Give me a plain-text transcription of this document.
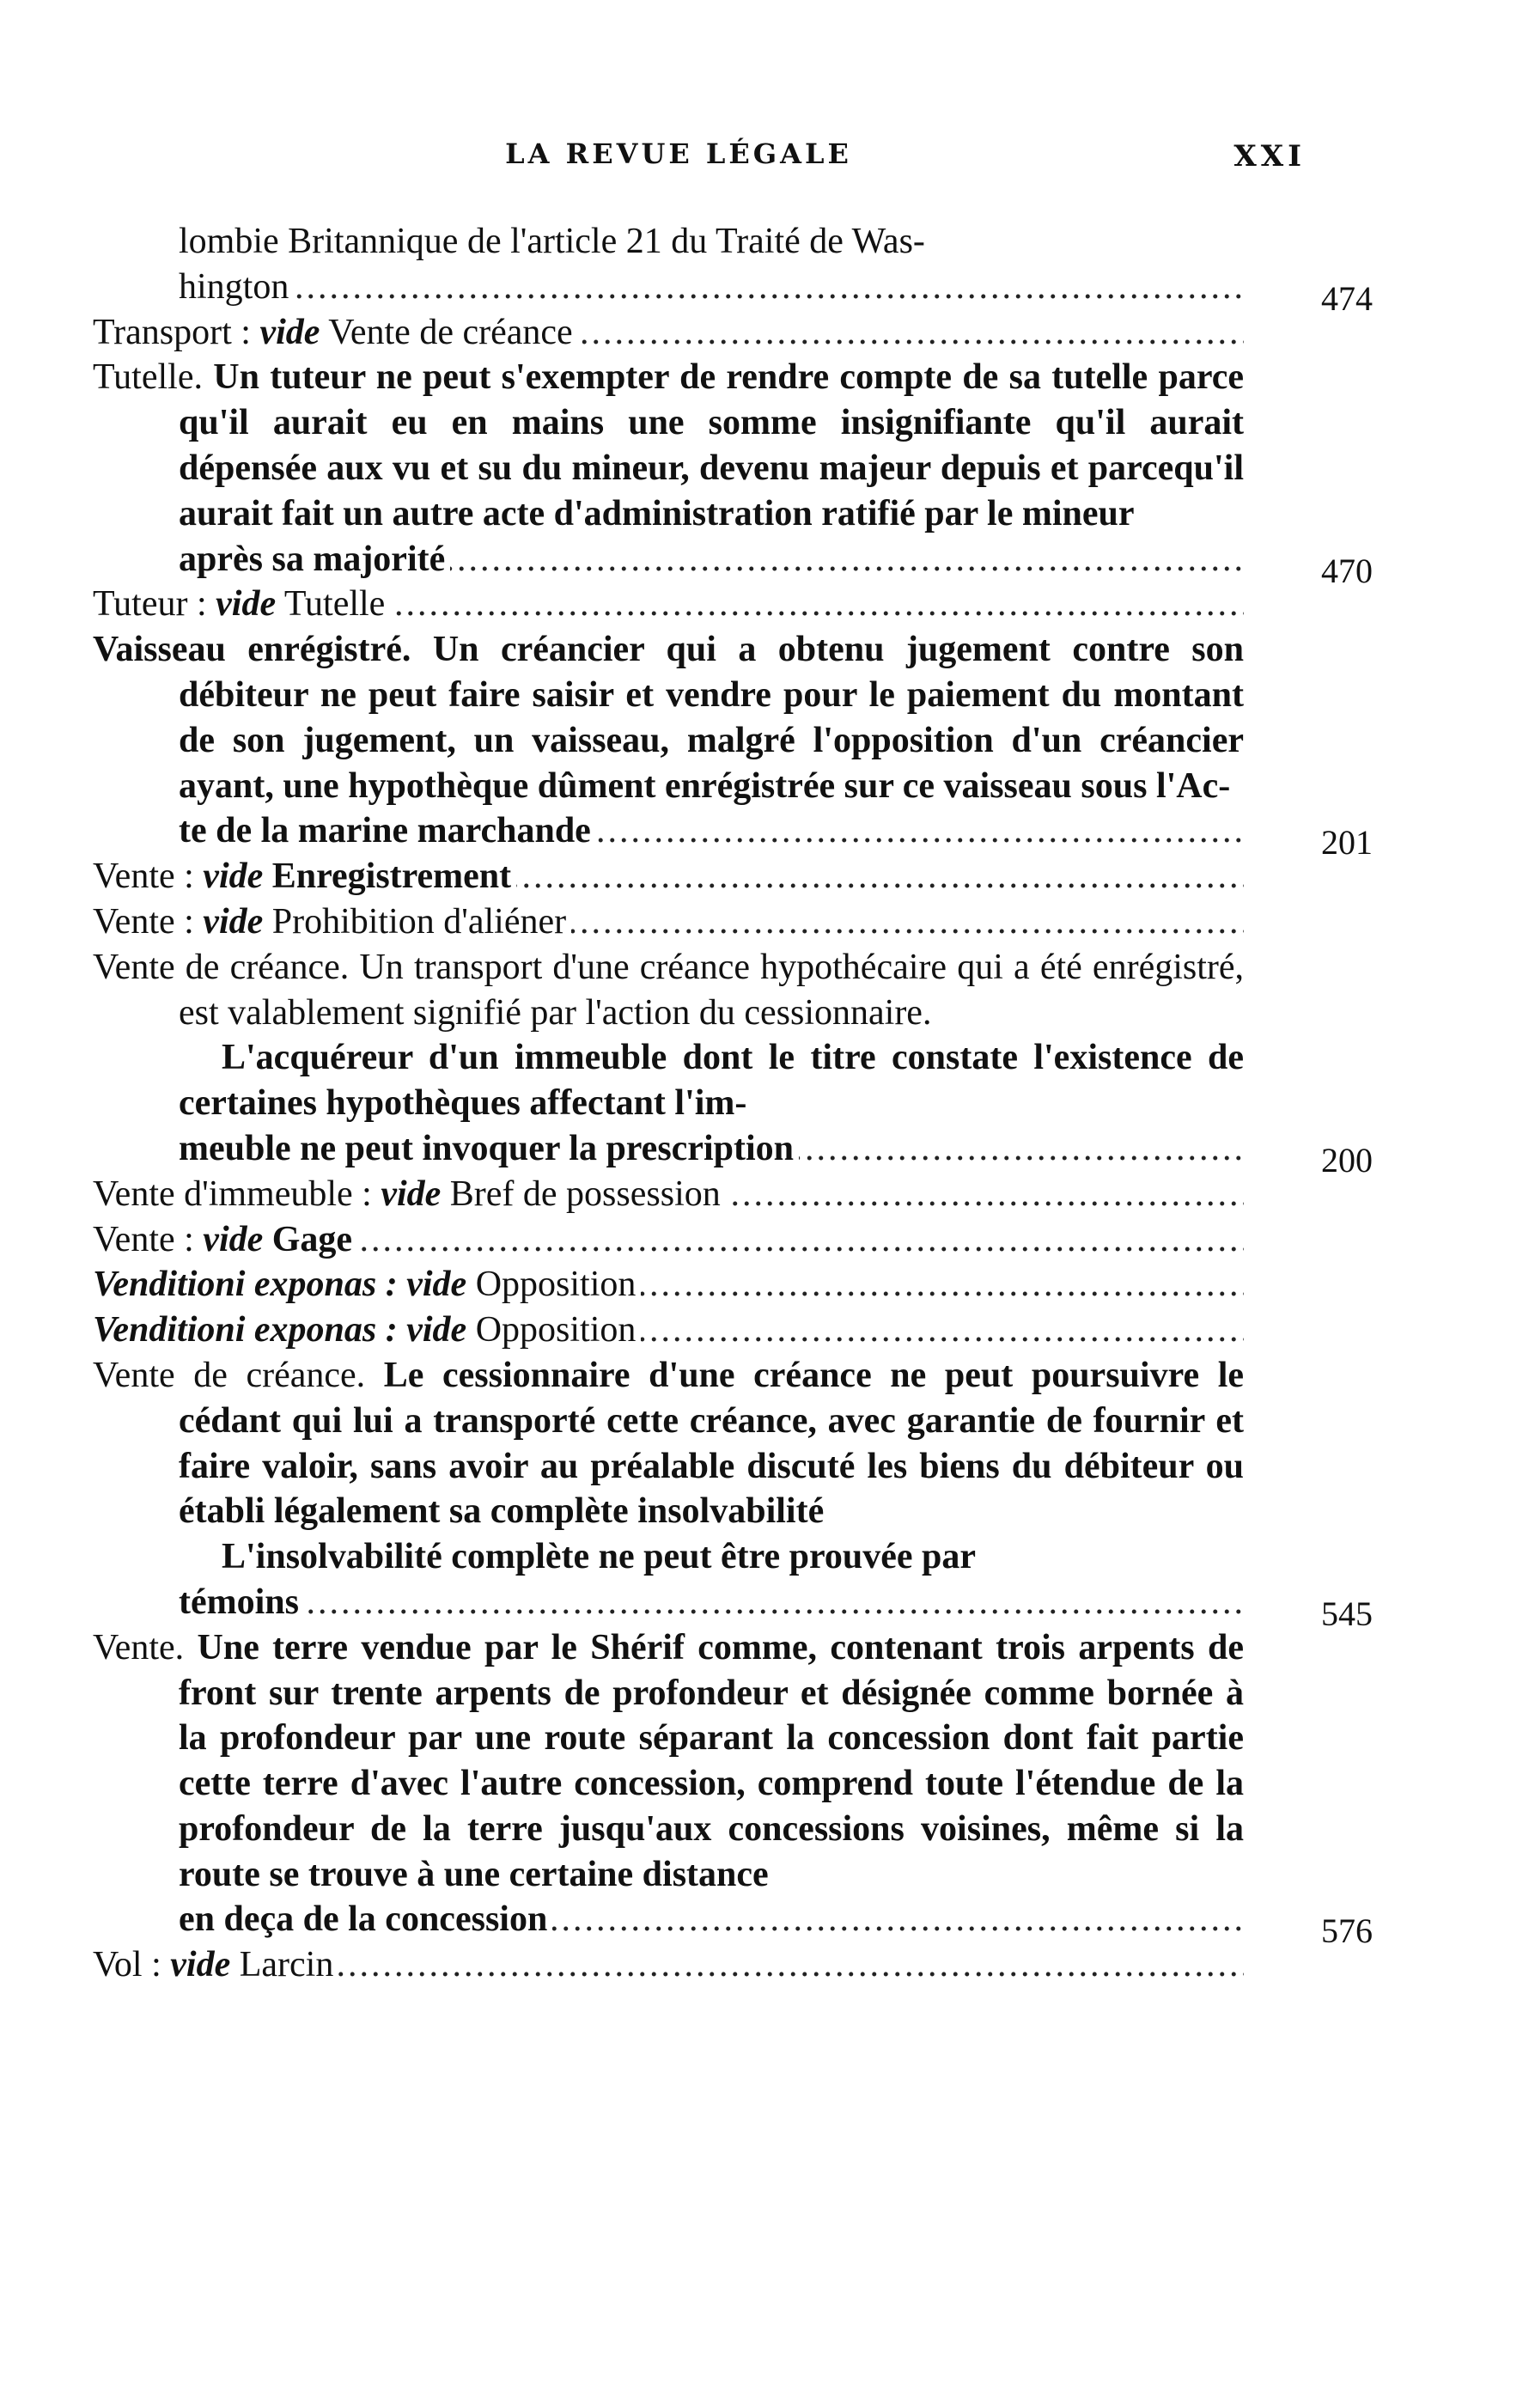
LA REVUE LÉGALE	XXI
lombie Britannique de l'article 21 du Traité de Was-
hington .....	474
Transport : vide Vente de créance .....
Tutelle. Un tuteur ne peut s'exempter de rendre compte de sa tutelle parce qu'il aurait eu en mains une somme insignifiante qu'il aurait dépensée aux vu et su du mineur, devenu majeur depuis et parcequ'il aurait fait un autre acte d'administration ratifié par le mineur
après sa majorité .....	470
Tuteur : vide Tutelle .....
Vaisseau enrégistré. Un créancier qui a obtenu jugement contre son débiteur ne peut faire saisir et vendre pour le paiement du montant de son jugement, un vaisseau, malgré l'opposition d'un créancier ayant, une hypothèque dûment enrégistrée sur ce vaisseau sous l'Ac-
te de la marine marchande .....	201
Vente : vide Enregistrement .....
Vente : vide Prohibition d'aliéner .....
Vente de créance. Un transport d'une créance hypothécaire qui a été enrégistré, est valablement signifié par l'action du cessionnaire.
L'acquéreur d'un immeuble dont le titre constate l'existence de certaines hypothèques affectant l'im-
meuble ne peut invoquer la prescription .....	200
Vente d'immeuble : vide Bref de possession .....
Vente : vide Gage .....
Venditioni exponas : vide Opposition .....
Venditioni exponas : vide Opposition .....
Vente de créance. Le cessionnaire d'une créance ne peut poursuivre le cédant qui lui a transporté cette créance, avec garantie de fournir et faire valoir, sans avoir au préalable discuté les biens du débiteur ou établi légalement sa complète insolvabilité
L'insolvabilité complète ne peut être prouvée par
témoins .....	545
Vente. Une terre vendue par le Shérif comme, contenant trois arpents de front sur trente arpents de profondeur et désignée comme bornée à la profondeur par une route séparant la concession dont fait partie cette terre d'avec l'autre concession, comprend toute l'étendue de la profondeur de la terre jusqu'aux concessions voisines, même si la route se trouve à une certaine distance
en deça de la concession .....	576
Vol : vide Larcin .....
